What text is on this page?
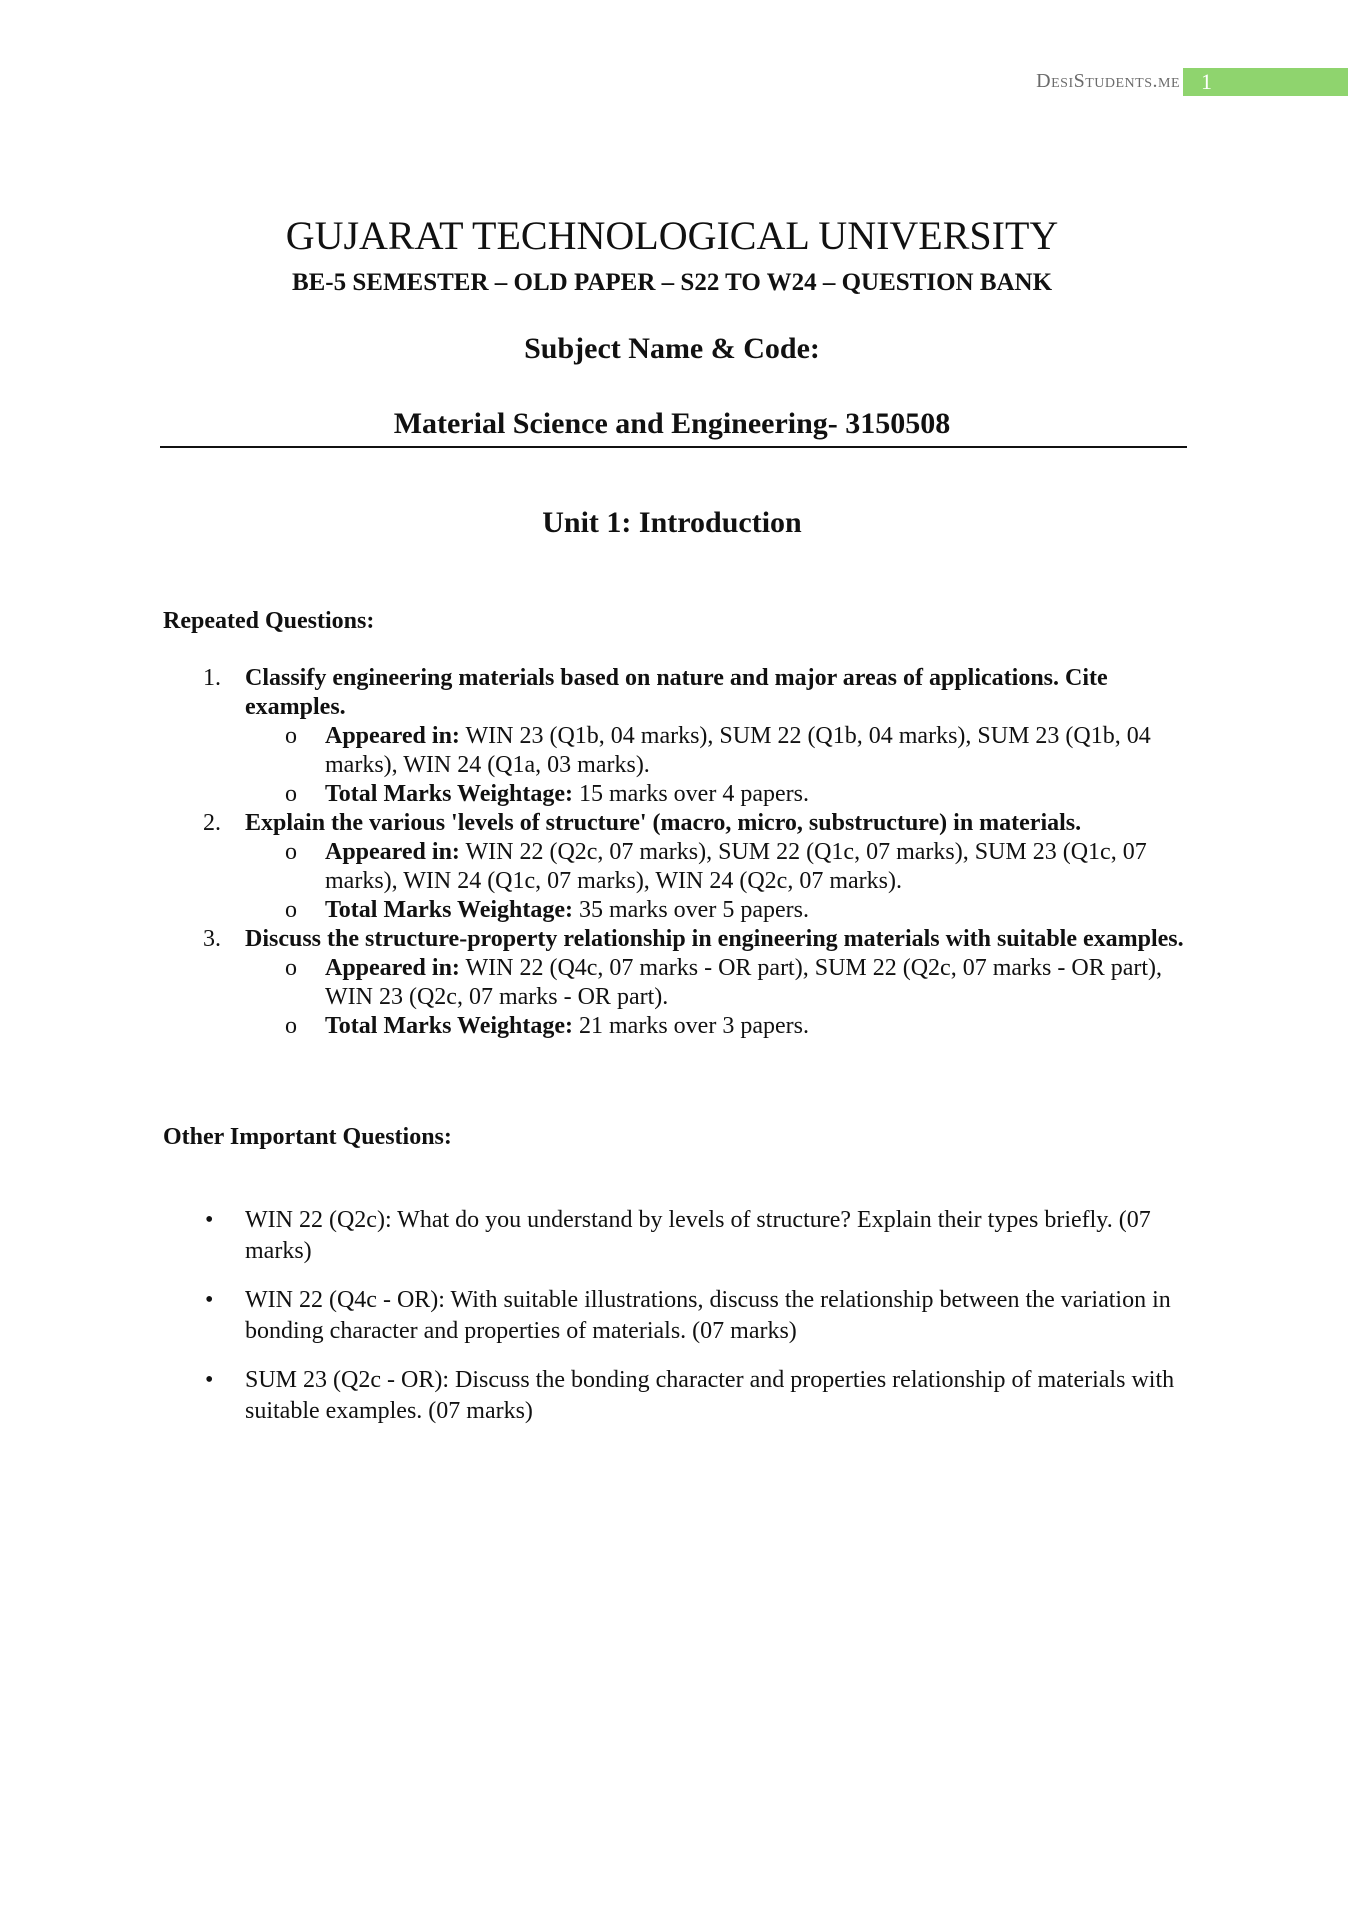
DesiStudents.me 1
GUJARAT TECHNOLOGICAL UNIVERSITY
BE-5 SEMESTER – OLD PAPER – S22 TO W24 – QUESTION BANK
Subject Name & Code:
Material Science and Engineering- 3150508
Unit 1: Introduction
Repeated Questions:
1. Classify engineering materials based on nature and major areas of applications. Cite examples.
o Appeared in: WIN 23 (Q1b, 04 marks), SUM 22 (Q1b, 04 marks), SUM 23 (Q1b, 04 marks), WIN 24 (Q1a, 03 marks).
o Total Marks Weightage: 15 marks over 4 papers.
2. Explain the various 'levels of structure' (macro, micro, substructure) in materials.
o Appeared in: WIN 22 (Q2c, 07 marks), SUM 22 (Q1c, 07 marks), SUM 23 (Q1c, 07 marks), WIN 24 (Q1c, 07 marks), WIN 24 (Q2c, 07 marks).
o Total Marks Weightage: 35 marks over 5 papers.
3. Discuss the structure-property relationship in engineering materials with suitable examples.
o Appeared in: WIN 22 (Q4c, 07 marks - OR part), SUM 22 (Q2c, 07 marks - OR part), WIN 23 (Q2c, 07 marks - OR part).
o Total Marks Weightage: 21 marks over 3 papers.
Other Important Questions:
• WIN 22 (Q2c): What do you understand by levels of structure? Explain their types briefly. (07 marks)
• WIN 22 (Q4c - OR): With suitable illustrations, discuss the relationship between the variation in bonding character and properties of materials. (07 marks)
• SUM 23 (Q2c - OR): Discuss the bonding character and properties relationship of materials with suitable examples. (07 marks)
